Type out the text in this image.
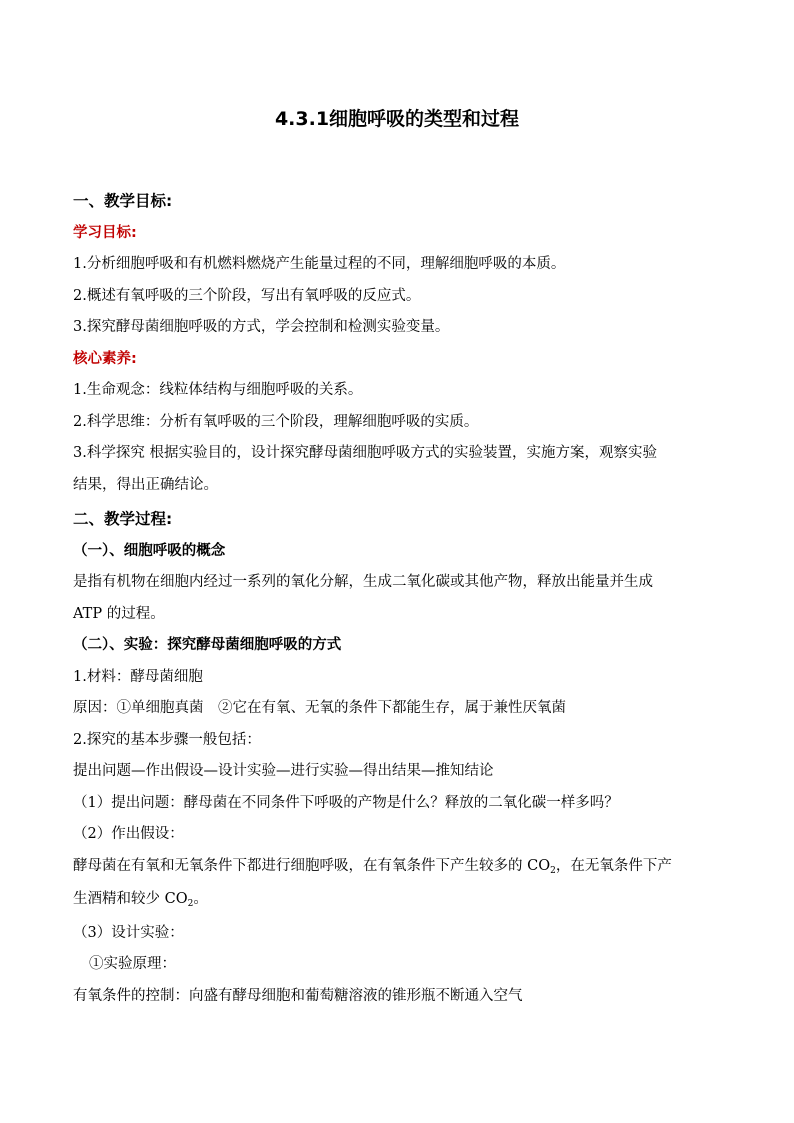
4.3.1细胞呼吸的类型和过程
一、教学目标:
学习目标:
1.分析细胞呼吸和有机燃料燃烧产生能量过程的不同，理解细胞呼吸的本质。
2.概述有氧呼吸的三个阶段，写出有氧呼吸的反应式。
3.探究酵母菌细胞呼吸的方式，学会控制和检测实验变量。
核心素养:
1.生命观念：线粒体结构与细胞呼吸的关系。
2.科学思维：分析有氧呼吸的三个阶段，理解细胞呼吸的实质。
3.科学探究 根据实验目的，设计探究酵母菌细胞呼吸方式的实验装置，实施方案，观察实验
结果，得出正确结论。
二、教学过程:
（一）、细胞呼吸的概念
是指有机物在细胞内经过一系列的氧化分解，生成二氧化碳或其他产物，释放出能量并生成
ATP 的过程。
（二）、实验：探究酵母菌细胞呼吸的方式
1.材料：酵母菌细胞
原因：①单细胞真菌　②它在有氧、无氧的条件下都能生存，属于兼性厌氧菌
2.探究的基本步骤一般包括：
提出问题—作出假设—设计实验—进行实验—得出结果—推知结论
（1）提出问题：酵母菌在不同条件下呼吸的产物是什么？释放的二氧化碳一样多吗？
（2）作出假设：
酵母菌在有氧和无氧条件下都进行细胞呼吸，在有氧条件下产生较多的 $CO_2$，在无氧条件下产
生酒精和较少 $CO_2$。
（3）设计实验：
①实验原理：
有氧条件的控制：向盛有酵母细胞和葡萄糖溶液的锥形瓶不断通入空气
